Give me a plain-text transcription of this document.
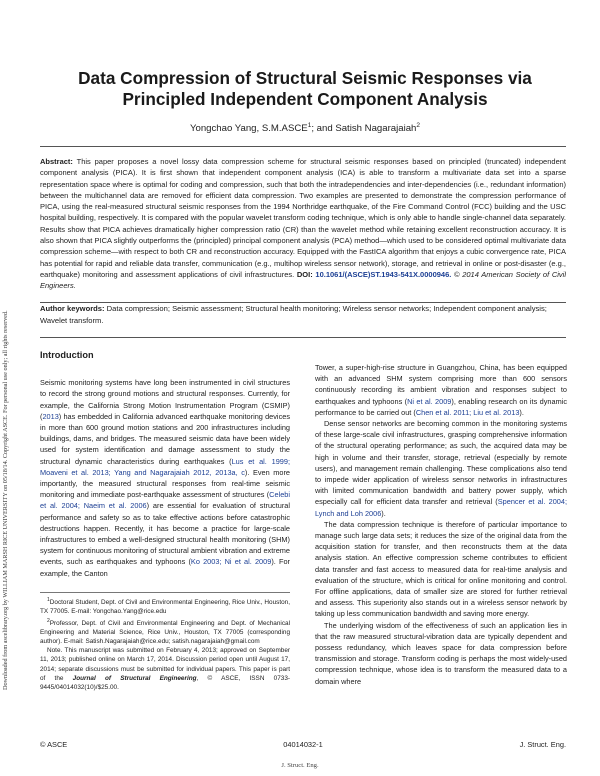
Downloaded from ascelibrary.org by WILLIAM MARSH RICE UNIVERSITY on 05/18/14. Copyright ASCE. For personal use only; all rights reserved.
Data Compression of Structural Seismic Responses via
Principled Independent Component Analysis
Yongchao Yang, S.M.ASCE$^1$; and Satish Nagarajaiah$^2$
Abstract: This paper proposes a novel lossy data compression scheme for structural seismic responses based on principled (truncated) independent component analysis (PICA). It is first shown that independent component analysis (ICA) is able to transform a multivariate data set into a sparse representation space where is optimal for coding and compression, such that both the intradependencies and inter-dependencies (i.e., redundant information) between the multichannel data are removed for efficient data compression. Two examples are presented to demonstrate the compression performance of PICA, using the real-measured structural seismic responses from the 1994 Northridge earthquake, of the Fire Command Control (FCC) building and the USC hospital building, respectively. It is compared with the popular wavelet transform coding technique, which is only able to handle single-channel data separately. Results show that PICA achieves dramatically higher compression ratio (CR) than the wavelet method while retaining excellent reconstruction accuracy. It is also shown that PICA slightly outperforms the (principled) principal component analysis (PCA) method—which used to be considered optimal multivariate data compression scheme—with respect to both CR and reconstruction accuracy. Equipped with the FastICA algorithm that enjoys a cubic convergence rate, PICA has potential for rapid and reliable data transfer, communication (e.g., multihop wireless sensor network), storage, and retrieval in online or post-disaster (e.g., earthquake) monitoring and assessment applications of civil infrastructures. DOI: 10.1061/(ASCE)ST.1943-541X.0000946. © 2014 American Society of Civil Engineers.
Author keywords: Data compression; Seismic assessment; Structural health monitoring; Wireless sensor networks; Independent component analysis; Wavelet transform.
Introduction

Seismic monitoring systems have long been instrumented in civil structures to record the strong ground motions and structural responses. Currently, for example, the California Strong Motion Instrumentation Program (CSMIP) (2013) has embedded in California advanced earthquake monitoring devices in more than 600 ground motion stations and 200 infrastructures including buildings, dams, and bridges. The measured seismic data have been widely used for system identification and damage assessment to study the structural dynamic characteristics during earthquakes (Lus et al. 1999; Moaveni et al. 2013; Yang and Nagarajaiah 2012, 2013a, c). Even more importantly, the measured structural responses from real-time seismic monitoring and immediate post-earthquake assessment of structures (Celebi et al. 2004; Naeim et al. 2006) are essential for evaluation of structural performance and safety so as to take effective actions before catastrophic destructions happen. Recently, it has become a practice for large-scale infrastructures to embed a well-designed structural health monitoring (SHM) system for continuous monitoring of structural ambient vibration and extreme events, such as earthquakes and typhoons (Ko 2003; Ni et al. 2009). For example, the Canton

$^1$Doctoral Student, Dept. of Civil and Environmental Engineering, Rice Univ., Houston, TX 77005. E-mail: Yongchao.Yang@rice.edu

$^2$Professor, Dept. of Civil and Environmental Engineering and Dept. of Mechanical Engineering and Material Science, Rice Univ., Houston, TX 77005 (corresponding author). E-mail: Satish.Nagarajaiah@rice.edu; satish.nagarajaiah@gmail.com

Note. This manuscript was submitted on February 4, 2013; approved on September 11, 2013; published online on March 17, 2014. Discussion period open until August 17, 2014; separate discussions must be submitted for individual papers. This paper is part of the Journal of Structural Engineering, © ASCE, ISSN 0733-9445/04014032(10)/$25.00.

Tower, a super-high-rise structure in Guangzhou, China, has been equipped with an advanced SHM system comprising more than 600 sensors continuously recording its ambient vibration and responses subject to earthquakes and typhoons (Ni et al. 2009), enabling research on its dynamic performance to be carried out (Chen et al. 2011; Liu et al. 2013).

Dense sensor networks are becoming common in the monitoring systems of these large-scale civil infrastructures, grasping comprehensive information of the structural operating performance; as such, the acquired data may be high in volume and their transfer, storage, retrieval (especially by remote users), and management remain challenging. These complications also tend to impede wider application of wireless sensor networks in infrastructures with limited communication bandwidth and battery power supply, which especially call for efficient data transfer and retrieval (Spencer et al. 2004; Lynch and Loh 2006).

The data compression technique is therefore of particular importance to manage such large data sets; it reduces the size of the original data from the acquisition station for transfer, and then reconstructs them at the data analysis station. An effective compression scheme contributes to efficient data transfer and fast access to measured data for real-time analysis and evaluation of the structure, which is critical for online monitoring and control. For offline applications, data of smaller size are stored for further retrieval and assess. This superiority also stands out in a wireless sensor network by taking up less communication bandwidth and saving more energy.

The underlying wisdom of the effectiveness of such an application lies in that the raw measured structural-vibration data are typically dependent and possess redundancy, which leaves space for data compression before transmission and storage. Transform coding is perhaps the most widely-used compression technique, whose idea is to transform the measured data to a domain where

© ASCE	04014032-1	J. Struct. Eng.
J. Struct. Eng.
